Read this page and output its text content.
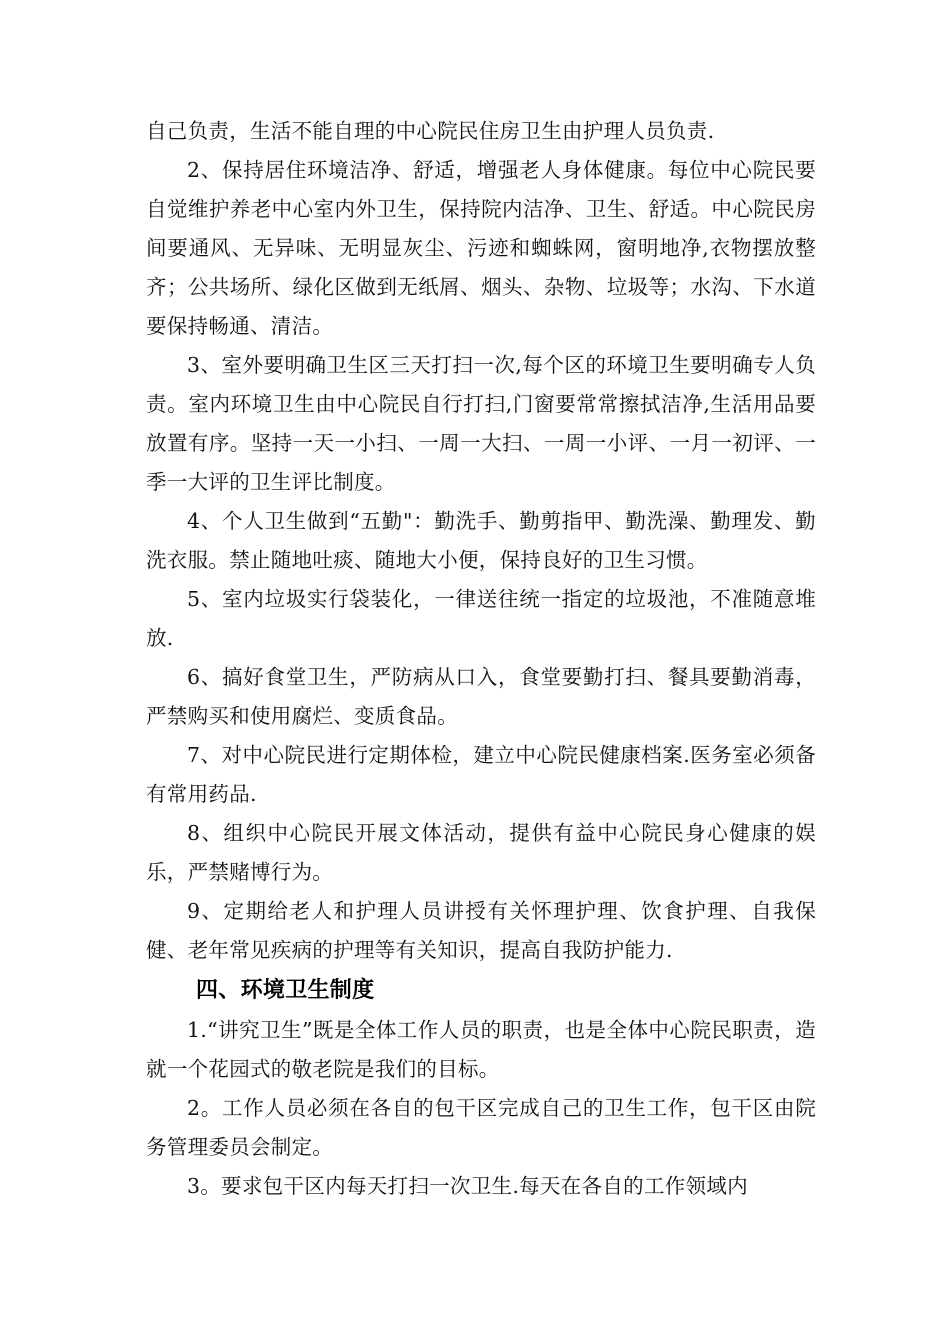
自己负责，生活不能自理的中心院民住房卫生由护理人员负责.

2、保持居住环境洁净、舒适，增强老人身体健康。每位中心院民要自觉维护养老中心室内外卫生，保持院内洁净、卫生、舒适。中心院民房间要通风、无异味、无明显灰尘、污迹和蜘蛛网，窗明地净,衣物摆放整齐；公共场所、绿化区做到无纸屑、烟头、杂物、垃圾等；水沟、下水道要保持畅通、清洁。

3、室外要明确卫生区三天打扫一次,每个区的环境卫生要明确专人负责。室内环境卫生由中心院民自行打扫,门窗要常常擦拭洁净,生活用品要放置有序。坚持一天一小扫、一周一大扫、一周一小评、一月一初评、一季一大评的卫生评比制度。

4、个人卫生做到“五勤"：勤洗手、勤剪指甲、勤洗澡、勤理发、勤洗衣服。禁止随地吐痰、随地大小便，保持良好的卫生习惯。

5、室内垃圾实行袋装化，一律送往统一指定的垃圾池，不准随意堆放.

6、搞好食堂卫生，严防病从口入，食堂要勤打扫、餐具要勤消毒，严禁购买和使用腐烂、变质食品。

7、对中心院民进行定期体检，建立中心院民健康档案.医务室必须备有常用药品.

8、组织中心院民开展文体活动，提供有益中心院民身心健康的娱乐，严禁赌博行为。

9、定期给老人和护理人员讲授有关怀理护理、饮食护理、自我保健、老年常见疾病的护理等有关知识，提高自我防护能力.

四、环境卫生制度

1.“讲究卫生”既是全体工作人员的职责，也是全体中心院民职责，造就一个花园式的敬老院是我们的目标。

2。工作人员必须在各自的包干区完成自己的卫生工作，包干区由院务管理委员会制定。

3。要求包干区内每天打扫一次卫生.每天在各自的工作领域内
